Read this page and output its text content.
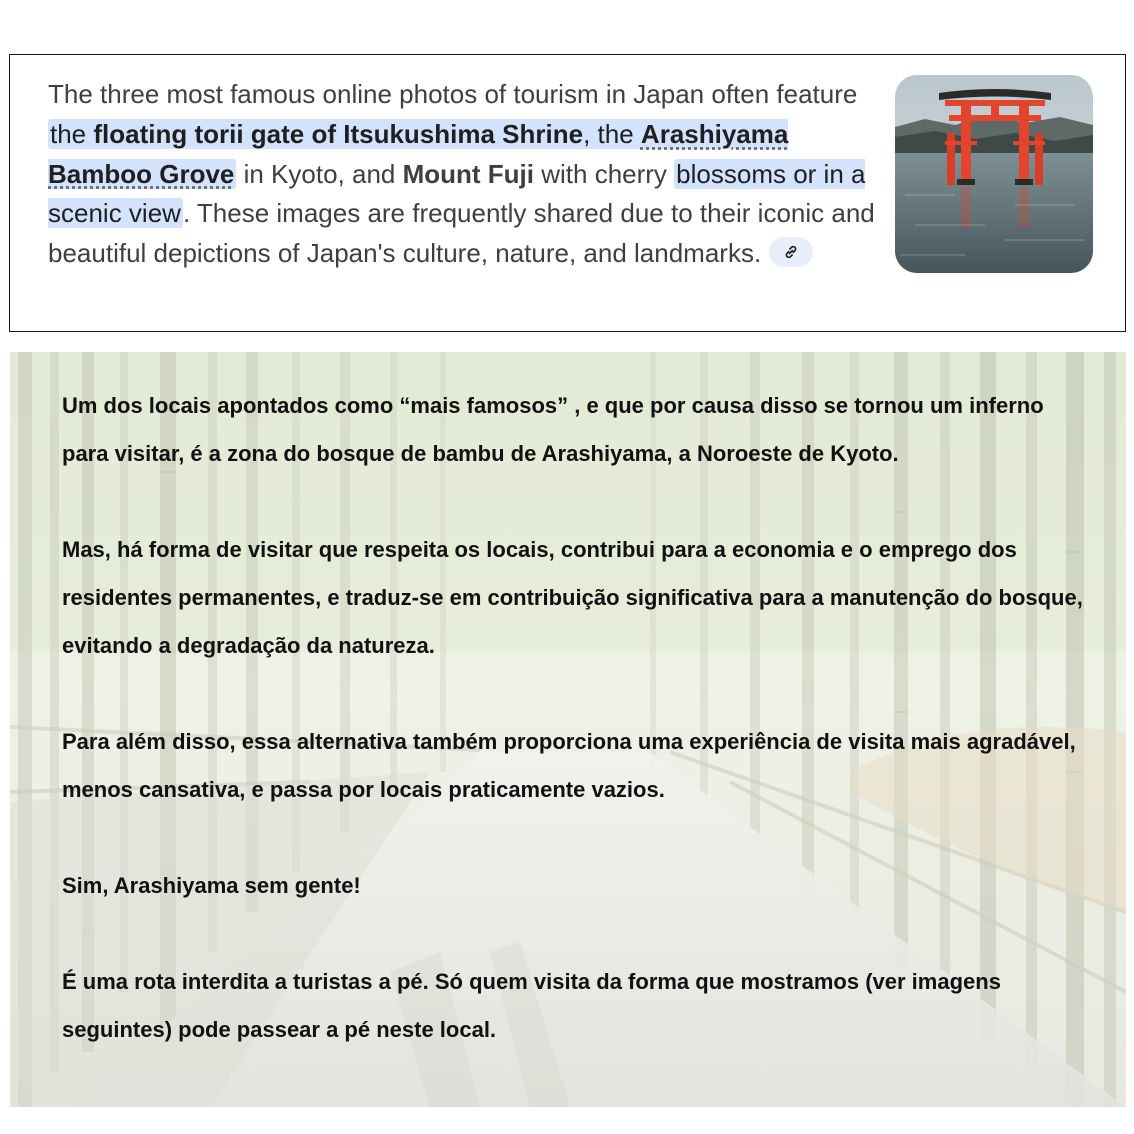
The three most famous online photos of tourism in Japan often feature the floating torii gate of Itsukushima Shrine, the Arashiyama Bamboo Grove in Kyoto, and Mount Fuji with cherry blossoms or in a scenic view. These images are frequently shared due to their iconic and beautiful depictions of Japan's culture, nature, and landmarks.

Um dos locais apontados como “mais famosos” , e que por causa disso se tornou um inferno para visitar, é a zona do bosque de bambu de Arashiyama, a Noroeste de Kyoto.

Mas, há forma de visitar que respeita os locais, contribui para a economia e o emprego dos residentes permanentes, e traduz-se em contribuição significativa para a manutenção do bosque, evitando a degradação da natureza.

Para além disso, essa alternativa também proporciona uma experiência de visita mais agradável, menos cansativa, e passa por locais praticamente vazios.

Sim, Arashiyama sem gente!

É uma rota interdita a turistas a pé. Só quem visita da forma que mostramos (ver imagens seguintes) pode passear a pé neste local.
